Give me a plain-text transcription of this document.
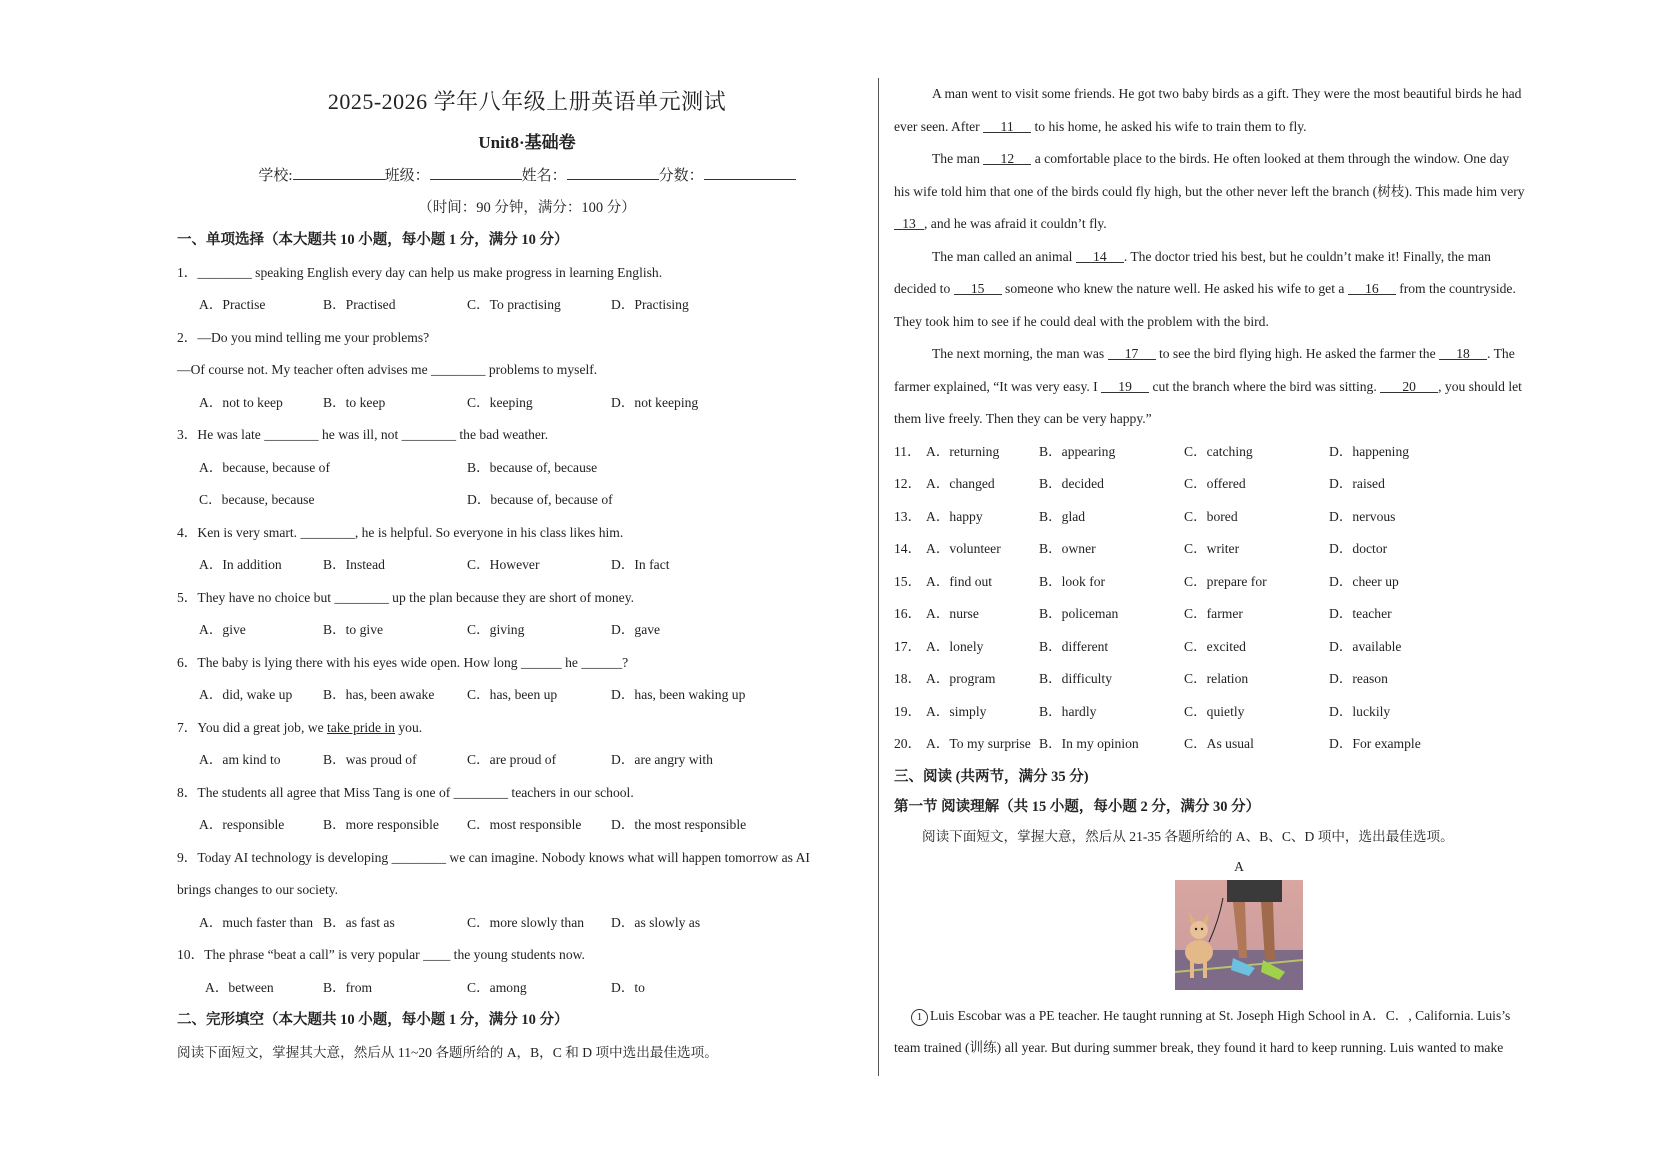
2025-2026 学年八年级上册英语单元测试
Unit8·基础卷
学校:	班级：	姓名：	分数：
（时间：90 分钟，满分：100 分）
一、单项选择（本大题共 10 小题，每小题 1 分，满分 10 分）
1．________ speaking English every day can help us make progress in learning English.
A．Practise	B．Practised	C．To practising	D．Practising
2．—Do you mind telling me your problems?
—Of course not. My teacher often advises me ________ problems to myself.
A．not to keep	B．to keep	C．keeping	D．not keeping
3．He was late ________ he was ill, not ________ the bad weather.
A．because, because of	B．because of, because
C．because, because	D．because of, because of
4．Ken is very smart. ________, he is helpful. So everyone in his class likes him.
A．In addition	B．Instead	C．However	D．In fact
5．They have no choice but ________ up the plan because they are short of money.
A．give	B．to give	C．giving	D．gave
6．The baby is lying there with his eyes wide open. How long ______ he ______?
A．did, wake up B．has, been awake C．has, been up	D．has, been waking up
7．You did a great job, we take pride in you.
A．am kind to	B．was proud of	C．are proud of	D．are angry with
8．The students all agree that Miss Tang is one of ________ teachers in our school.
A．responsible	B．more responsible C．most responsible D．the most responsible
9．Today AI technology is developing ________ we can imagine. Nobody knows what will happen tomorrow as AI
brings changes to our society.
A．much faster than B．as fast as	C．more slowly than D．as slowly as
10．The phrase “beat a call” is very popular ____ the young students now.
A．between	B．from	C．among	D．to
二、完形填空（本大题共 10 小题，每小题 1 分，满分 10 分）
阅读下面短文，掌握其大意，然后从 11~20 各题所给的 A，B，C 和 D 项中选出最佳选项。
A man went to visit some friends. He got two baby birds as a gift. They were the most beautiful birds he had
ever seen. After 11 to his home, he asked his wife to train them to fly.
The man 12 a comfortable place to the birds. He often looked at them through the window. One day
his wife told him that one of the birds could fly high, but the other never left the branch (树枝). This made him very
13 , and he was afraid it couldn’t fly.
The man called an animal 14 . The doctor tried his best, but he couldn’t make it! Finally, the man
decided to 15 someone who knew the nature well. He asked his wife to get a 16 from the countryside.
They took him to see if he could deal with the problem with the bird.
The next morning, the man was 17 to see the bird flying high. He asked the farmer the 18 . The
farmer explained, “It was very easy. I 19 cut the branch where the bird was sitting. 20 , you should let
them live freely. Then they can be very happy.”
11． A．returning	B．appearing	C．catching	D．happening
12． A．changed	B．decided	C．offered	D．raised
13． A．happy	B．glad	C．bored	D．nervous
14． A．volunteer	B．owner	C．writer	D．doctor
15． A．find out	B．look for	C．prepare for	D．cheer up
16． A．nurse	B．policeman	C．farmer	D．teacher
17． A．lonely	B．different	C．excited	D．available
18． A．program	B．difficulty	C．relation	D．reason
19． A．simply	B．hardly	C．quietly	D．luckily
20． A．To my surprise B．In my opinion	C．As usual	D．For example
三、阅读 (共两节，满分 35 分)
第一节 阅读理解（共 15 小题，每小题 2 分，满分 30 分）
阅读下面短文，掌握大意，然后从 21-35 各题所给的 A、B、C、D 项中，选出最佳选项。
A
1 Luis Escobar was a PE teacher. He taught running at St. Joseph High School in A．C．, California. Luis’s
team trained (训练) all year. But during summer break, they found it hard to keep running. Luis wanted to make
